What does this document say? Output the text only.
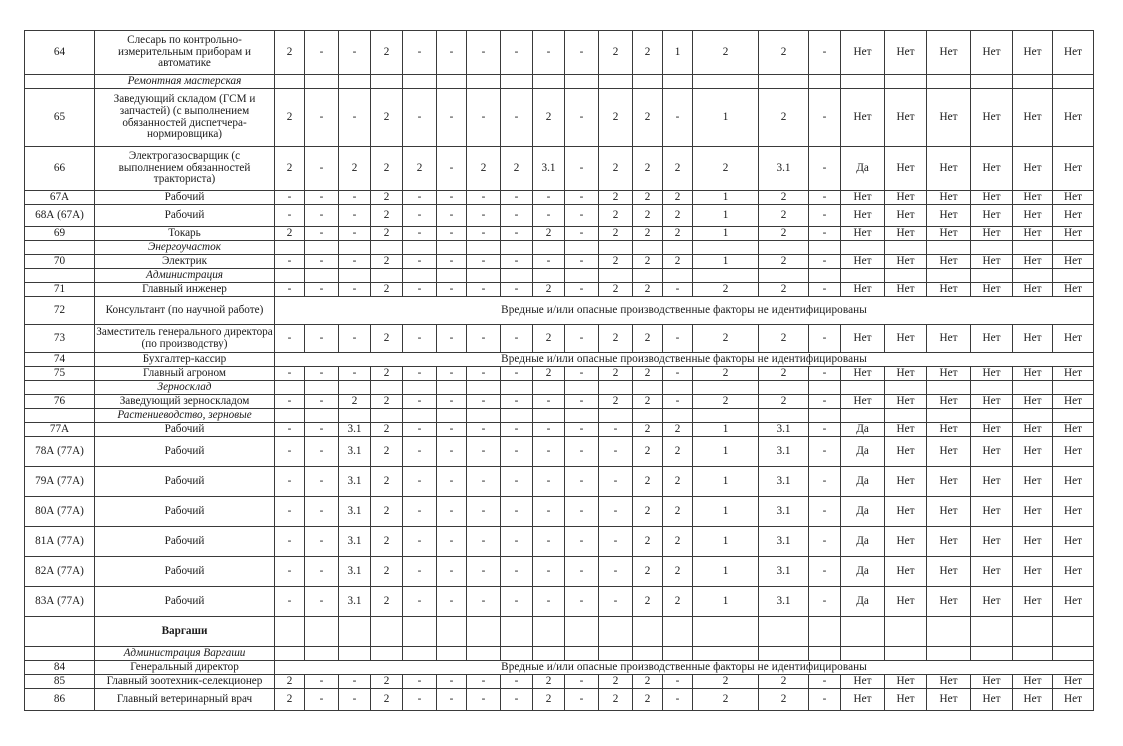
64	Слесарь по контрольно-измерительным приборам и автоматике	2	-	-	2	-	-	-	-	-	-	2	2	1	2	2	-	Нет	Нет	Нет	Нет	Нет	Нет
	Ремонтная мастерская																						
65	Заведующий складом (ГСМ и запчастей) (с выполнением обязанностей диспетчера-нормировщика)	2	-	-	2	-	-	-	-	2	-	2	2	-	1	2	-	Нет	Нет	Нет	Нет	Нет	Нет
66	Электрогазосварщик (с выполнением обязанностей тракториста)	2	-	2	2	2	-	2	2	3.1	-	2	2	2	2	3.1	-	Да	Нет	Нет	Нет	Нет	Нет
67А	Рабочий	-	-	-	2	-	-	-	-	-	-	2	2	2	1	2	-	Нет	Нет	Нет	Нет	Нет	Нет
68А (67А)	Рабочий	-	-	-	2	-	-	-	-	-	-	2	2	2	1	2	-	Нет	Нет	Нет	Нет	Нет	Нет
69	Токарь	2	-	-	2	-	-	-	-	2	-	2	2	2	1	2	-	Нет	Нет	Нет	Нет	Нет	Нет
	Энергоучасток																						
70	Электрик	-	-	-	2	-	-	-	-	-	-	2	2	2	1	2	-	Нет	Нет	Нет	Нет	Нет	Нет
	Администрация																						
71	Главный инженер	-	-	-	2	-	-	-	-	2	-	2	2	-	2	2	-	Нет	Нет	Нет	Нет	Нет	Нет
72	Консультант (по научной работе)	Вредные и/или опасные производственные факторы не идентифицированы																					
73	Заместитель генерального директора (по производству)	-	-	-	2	-	-	-	-	2	-	2	2	-	2	2	-	Нет	Нет	Нет	Нет	Нет	Нет
74	Бухгалтер-кассир	Вредные и/или опасные производственные факторы не идентифицированы																					
75	Главный агроном	-	-	-	2	-	-	-	-	2	-	2	2	-	2	2	-	Нет	Нет	Нет	Нет	Нет	Нет
	Зерносклад																						
76	Заведующий зерноскладом	-	-	2	2	-	-	-	-	-	-	2	2	-	2	2	-	Нет	Нет	Нет	Нет	Нет	Нет
	Растениеводство, зерновые																						
77А	Рабочий	-	-	3.1	2	-	-	-	-	-	-	-	2	2	1	3.1	-	Да	Нет	Нет	Нет	Нет	Нет
78А (77А)	Рабочий	-	-	3.1	2	-	-	-	-	-	-	-	2	2	1	3.1	-	Да	Нет	Нет	Нет	Нет	Нет
79А (77А)	Рабочий	-	-	3.1	2	-	-	-	-	-	-	-	2	2	1	3.1	-	Да	Нет	Нет	Нет	Нет	Нет
80А (77А)	Рабочий	-	-	3.1	2	-	-	-	-	-	-	-	2	2	1	3.1	-	Да	Нет	Нет	Нет	Нет	Нет
81А (77А)	Рабочий	-	-	3.1	2	-	-	-	-	-	-	-	2	2	1	3.1	-	Да	Нет	Нет	Нет	Нет	Нет
82А (77А)	Рабочий	-	-	3.1	2	-	-	-	-	-	-	-	2	2	1	3.1	-	Да	Нет	Нет	Нет	Нет	Нет
83А (77А)	Рабочий	-	-	3.1	2	-	-	-	-	-	-	-	2	2	1	3.1	-	Да	Нет	Нет	Нет	Нет	Нет
	Варгаши																						
	Администрация Варгаши																						
84	Генеральный директор	Вредные и/или опасные производственные факторы не идентифицированы																					
85	Главный зоотехник-селекционер	2	-	-	2	-	-	-	-	2	-	2	2	-	2	2	-	Нет	Нет	Нет	Нет	Нет	Нет
86	Главный ветеринарный врач	2	-	-	2	-	-	-	-	2	-	2	2	-	2	2	-	Нет	Нет	Нет	Нет	Нет	Нет
